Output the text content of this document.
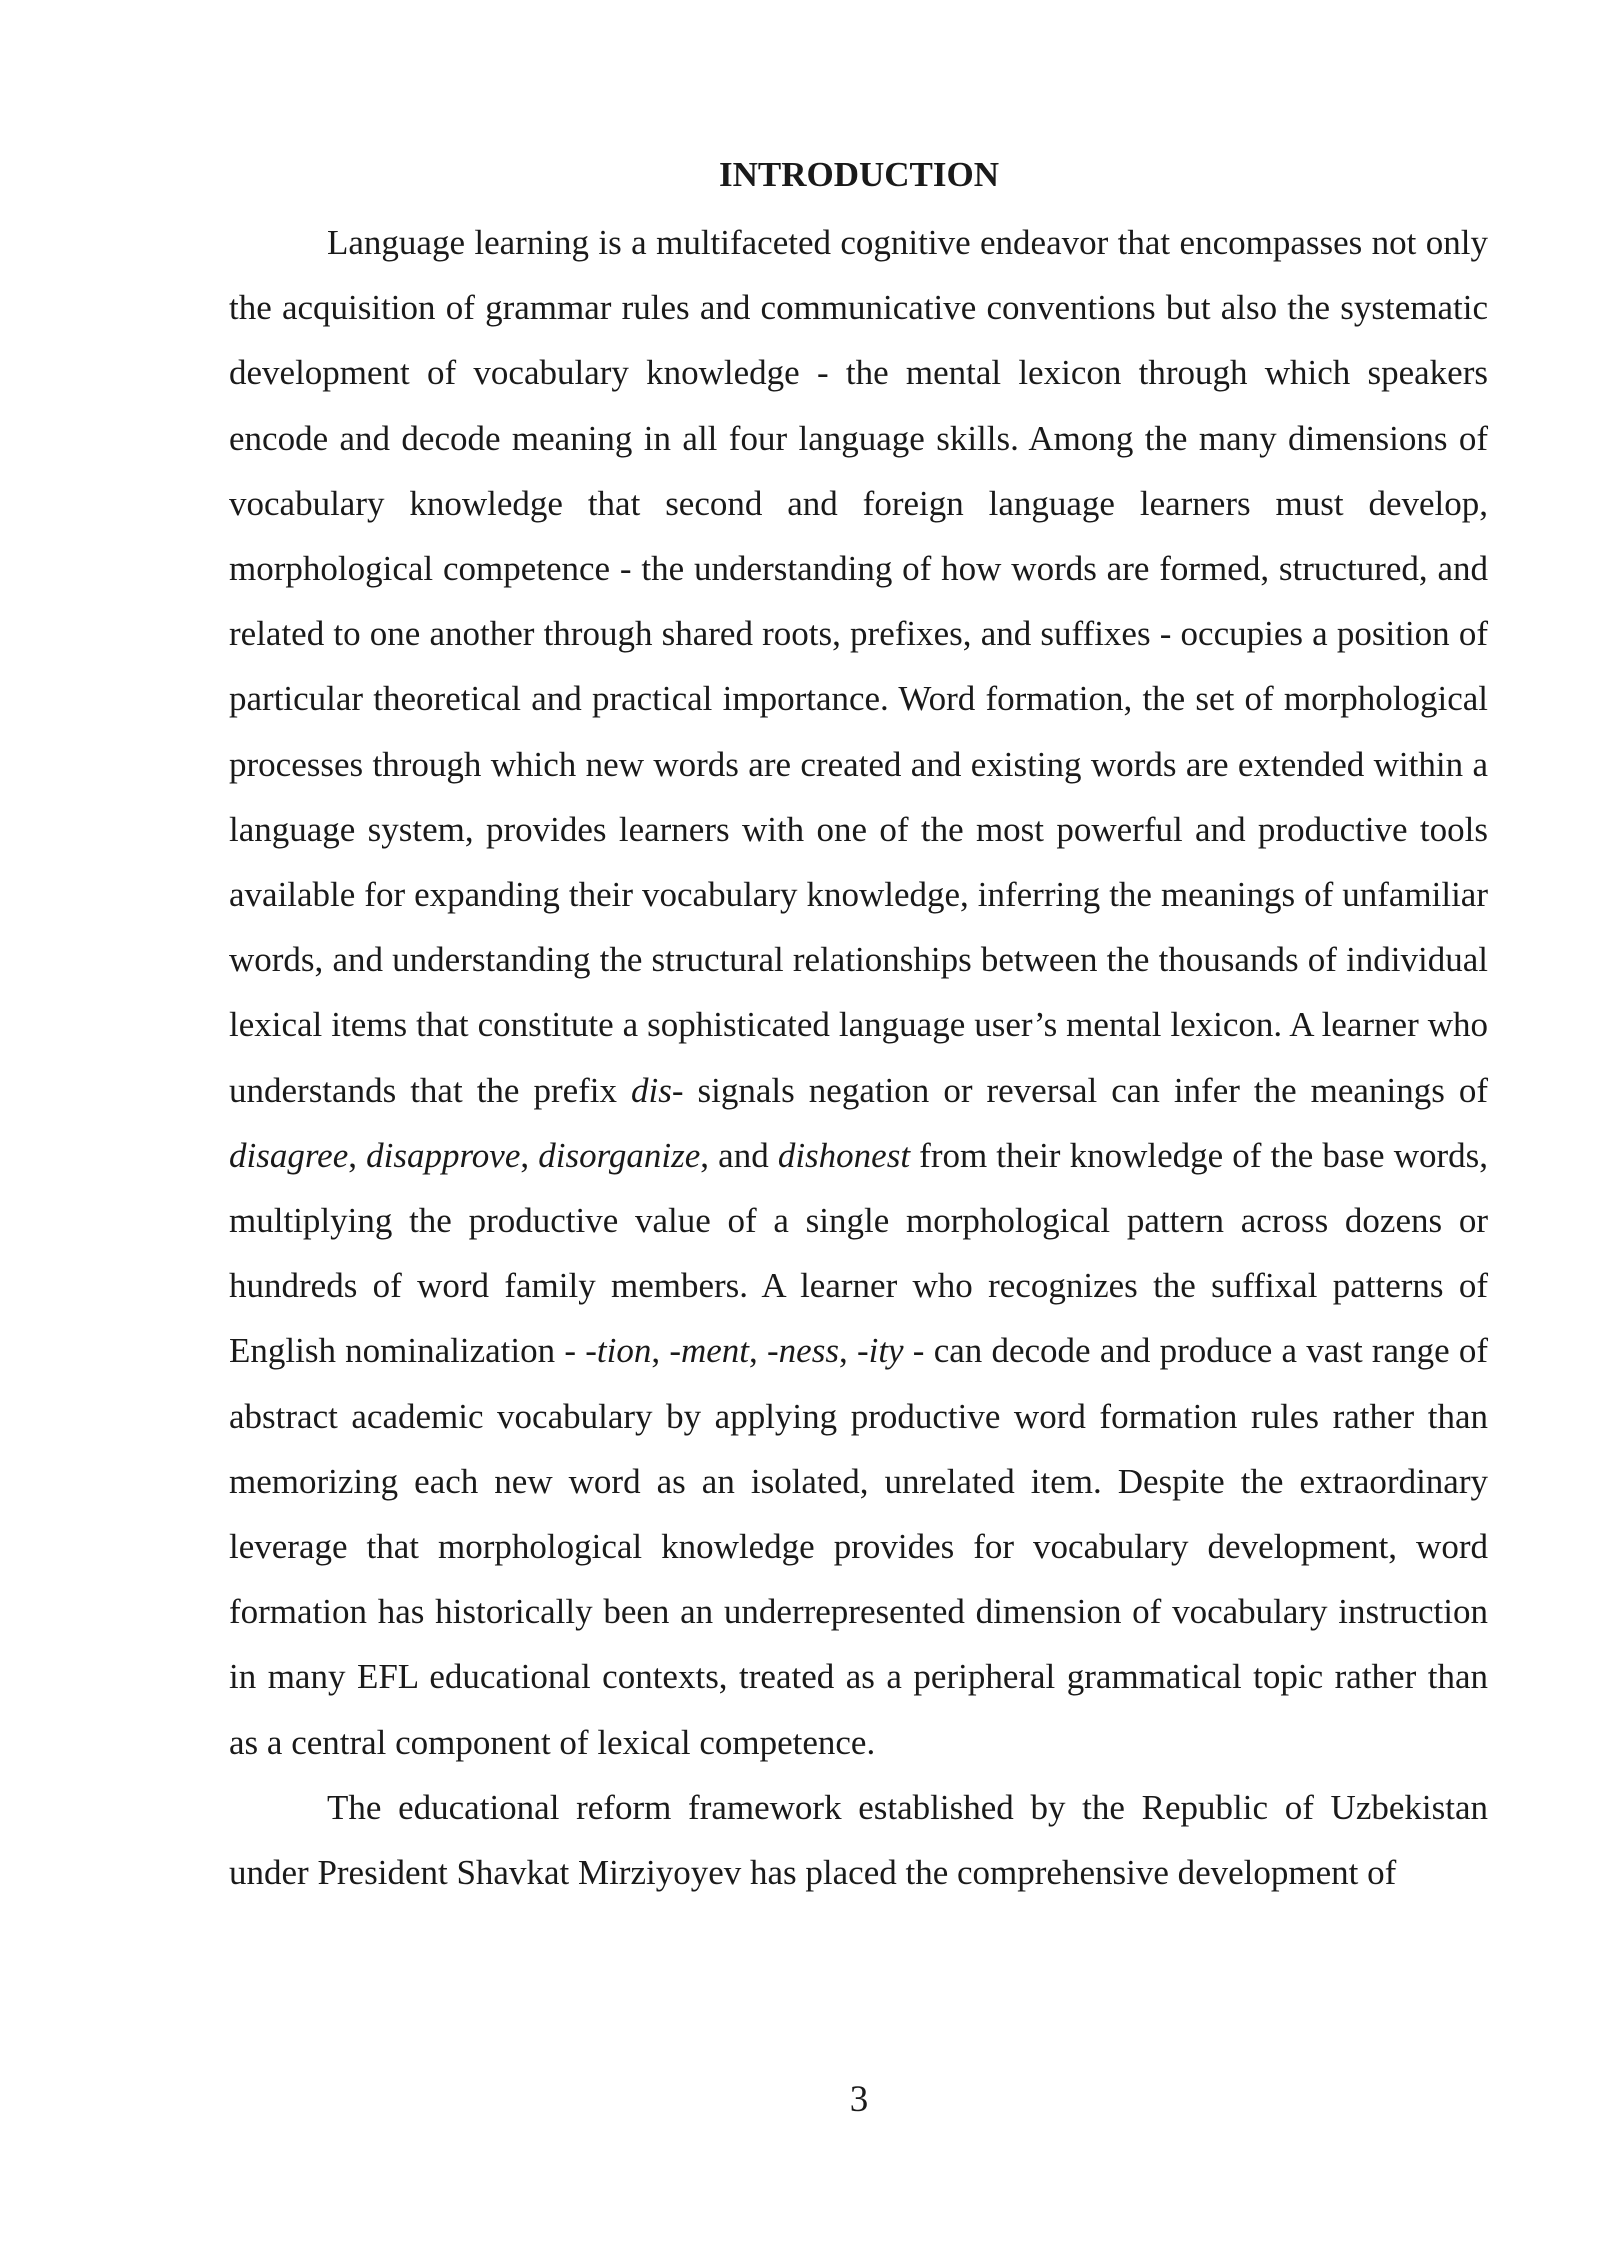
INTRODUCTION

Language learning is a multifaceted cognitive endeavor that encompasses not only the acquisition of grammar rules and communicative conventions but also the systematic development of vocabulary knowledge - the mental lexicon through which speakers encode and decode meaning in all four language skills. Among the many dimensions of vocabulary knowledge that second and foreign language learners must develop, morphological competence - the understanding of how words are formed, structured, and related to one another through shared roots, prefixes, and suffixes - occupies a position of particular theoretical and practical importance. Word formation, the set of morphological processes through which new words are created and existing words are extended within a language system, provides learners with one of the most powerful and productive tools available for expanding their vocabulary knowledge, inferring the meanings of unfamiliar words, and understanding the structural relationships between the thousands of individual lexical items that constitute a sophisticated language user’s mental lexicon. A learner who understands that the prefix dis- signals negation or reversal can infer the meanings of disagree, disapprove, disorganize, and dishonest from their knowledge of the base words, multiplying the productive value of a single morphological pattern across dozens or hundreds of word family members. A learner who recognizes the suffixal patterns of English nominalization - -tion, -ment, -ness, -ity - can decode and produce a vast range of abstract academic vocabulary by applying productive word formation rules rather than memorizing each new word as an isolated, unrelated item. Despite the extraordinary leverage that morphological knowledge provides for vocabulary development, word formation has historically been an underrepresented dimension of vocabulary instruction in many EFL educational contexts, treated as a peripheral grammatical topic rather than as a central component of lexical competence.

The educational reform framework established by the Republic of Uzbekistan under President Shavkat Mirziyoyev has placed the comprehensive development of

3
